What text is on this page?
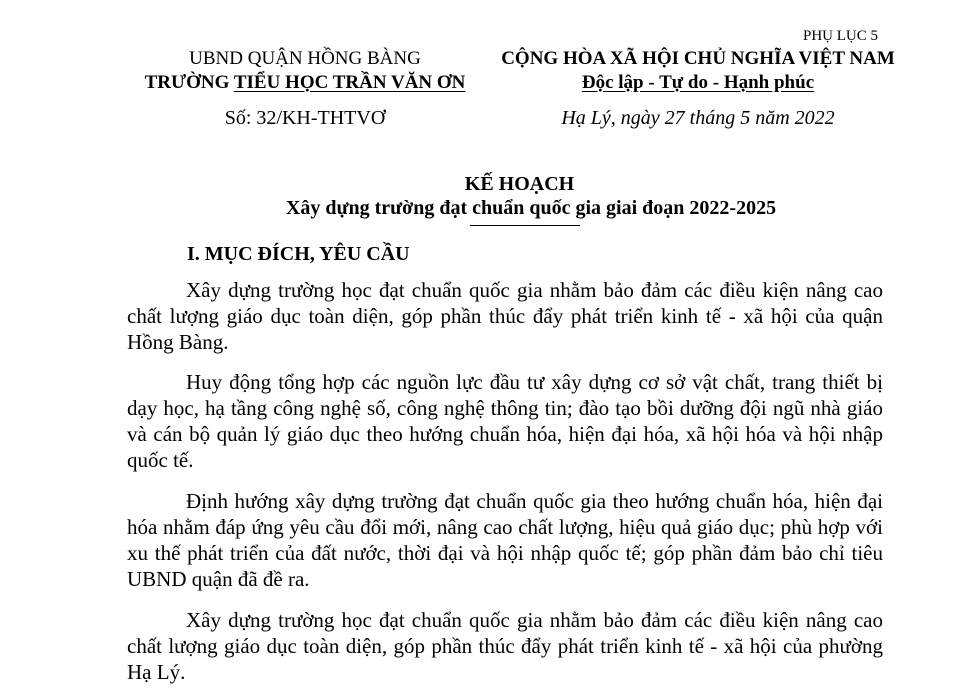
PHỤ LỤC 5
UBND QUẬN HỒNG BÀNG
TRƯỜNG TIỂU HỌC TRẦN VĂN ƠN
Số: 32/KH-THTVƠ
CỘNG HÒA XÃ HỘI CHỦ NGHĨA VIỆT NAM
Độc lập - Tự do - Hạnh phúc
Hạ Lý, ngày 27 tháng 5 năm 2022
KẾ HOẠCH
Xây dựng trường đạt chuẩn quốc gia giai đoạn 2022-2025
I. MỤC ĐÍCH, YÊU CẦU

Xây dựng trường học đạt chuẩn quốc gia nhằm bảo đảm các điều kiện nâng cao chất lượng giáo dục toàn diện, góp phần thúc đẩy phát triển kinh tế - xã hội của quận Hồng Bàng.

Huy động tổng hợp các nguồn lực đầu tư xây dựng cơ sở vật chất, trang thiết bị dạy học, hạ tầng công nghệ số, công nghệ thông tin; đào tạo bồi dưỡng đội ngũ nhà giáo và cán bộ quản lý giáo dục theo hướng chuẩn hóa, hiện đại hóa, xã hội hóa và hội nhập quốc tế.

Định hướng xây dựng trường đạt chuẩn quốc gia theo hướng chuẩn hóa, hiện đại hóa nhằm đáp ứng yêu cầu đổi mới, nâng cao chất lượng, hiệu quả giáo dục; phù hợp với xu thế phát triển của đất nước, thời đại và hội nhập quốc tế; góp phần đảm bảo chỉ tiêu UBND quận đã đề ra.

Xây dựng trường học đạt chuẩn quốc gia nhằm bảo đảm các điều kiện nâng cao chất lượng giáo dục toàn diện, góp phần thúc đẩy phát triển kinh tế - xã hội của phường Hạ Lý.
